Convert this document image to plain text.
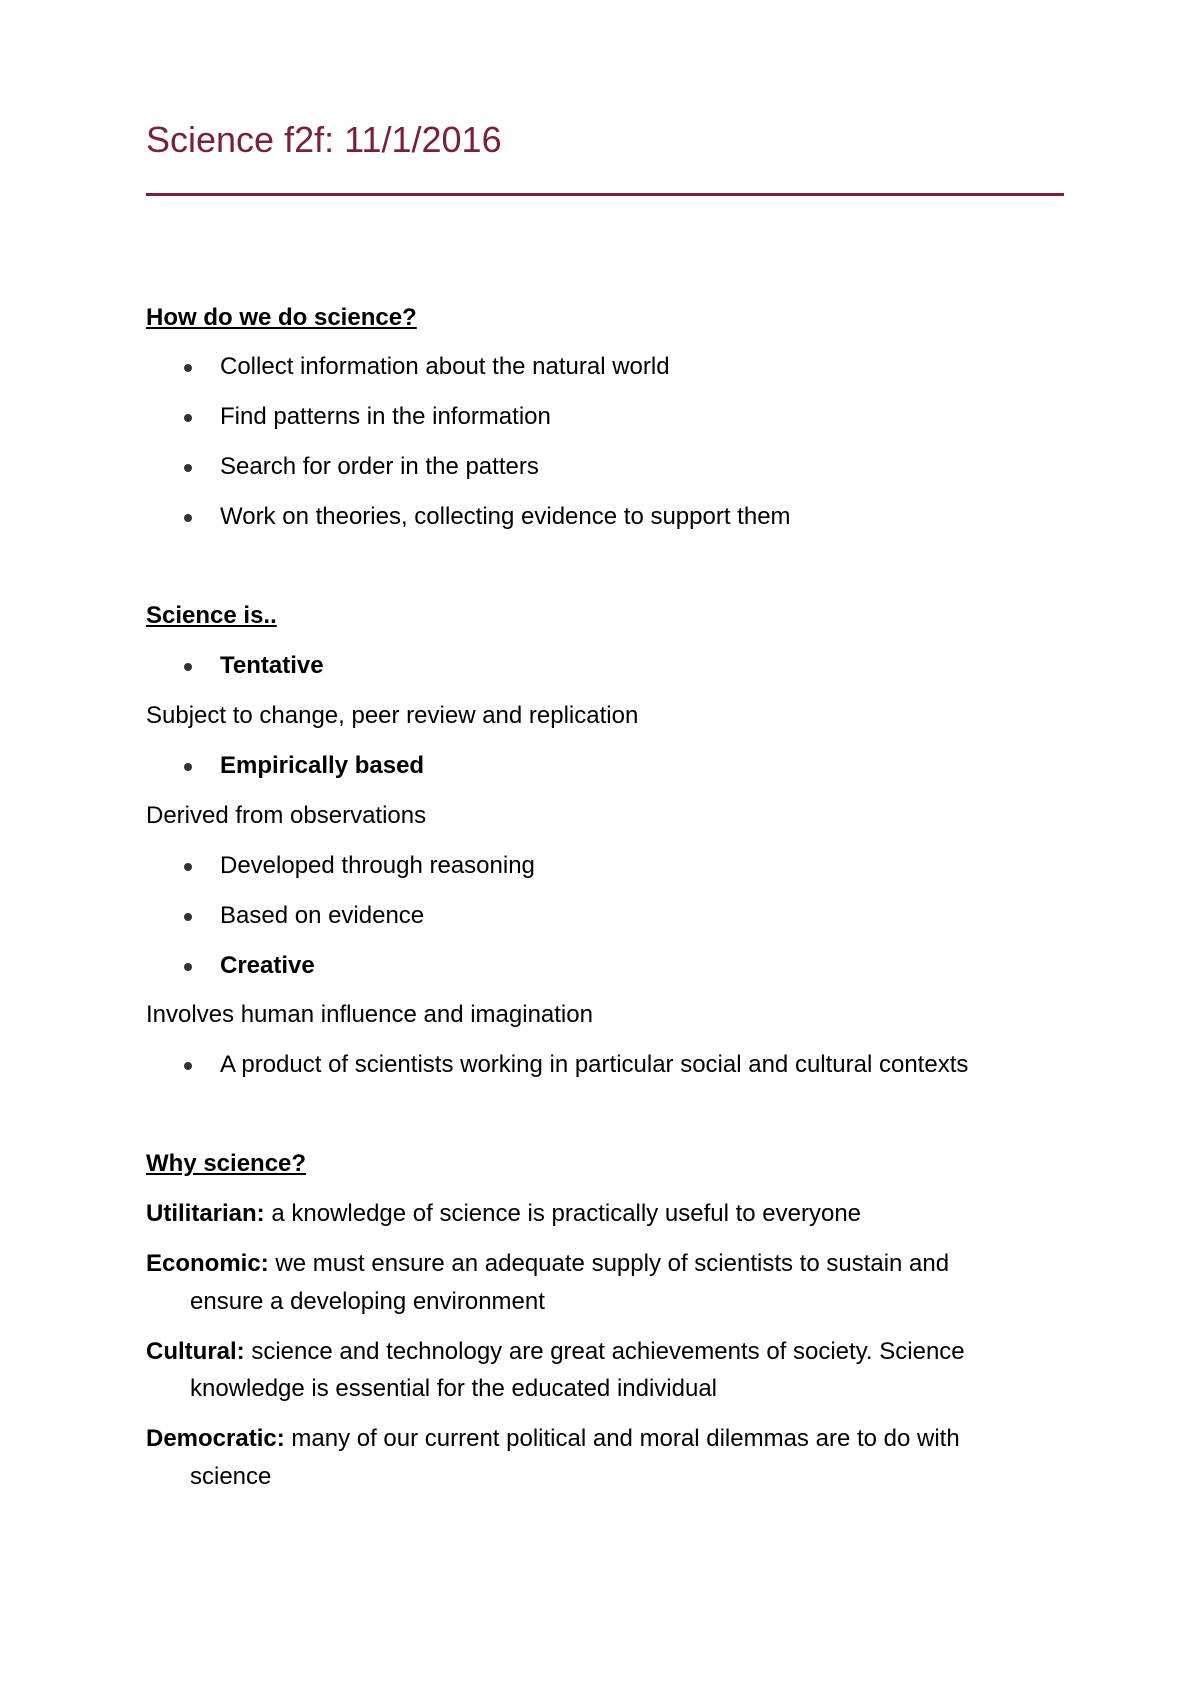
Science f2f: 11/1/2016
How do we do science?
Collect information about the natural world
Find patterns in the information
Search for order in the patters
Work on theories, collecting evidence to support them
Science is..
Tentative
Subject to change, peer review and replication
Empirically based
Derived from observations
Developed through reasoning
Based on evidence
Creative
Involves human influence and imagination
A product of scientists working in particular social and cultural contexts
Why science?
Utilitarian: a knowledge of science is practically useful to everyone
Economic: we must ensure an adequate supply of scientists to sustain and
ensure a developing environment
Cultural: science and technology are great achievements of society. Science
knowledge is essential for the educated individual
Democratic: many of our current political and moral dilemmas are to do with
science
